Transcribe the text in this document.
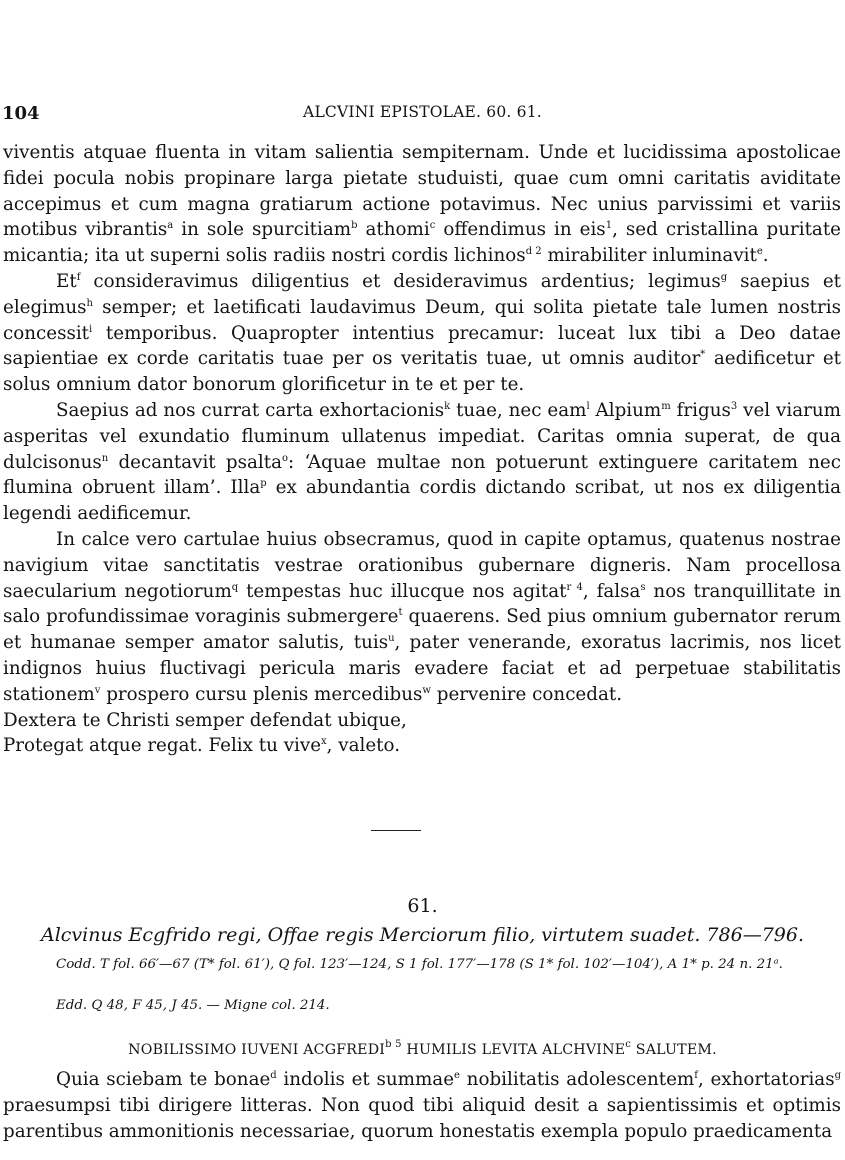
104	ALCVINI EPISTOLAE. 60. 61.

viventis atquae fluenta in vitam salientia sempiternam. Unde et lucidissima apostolicae fidei pocula nobis propinare larga pietate studuisti, quae cum omni caritatis aviditate accepimus et cum magna gratiarum actione potavimus. Nec unius parvissimi et variis motibus vibrantis$^a$ in sole spurcitiam$^b$ athomi$^c$ offendimus in eis$^1$, sed cristallina puritate micantia; ita ut superni solis radiis nostri cordis lichinos$^{d 2}$ mirabiliter inluminavit$^e$.

Et$^f$ consideravimus diligentius et desideravimus ardentius; legimus$^g$ saepius et elegimus$^h$ semper; et laetificati laudavimus Deum, qui solita pietate tale lumen nostris concessit$^i$ temporibus. Quapropter intentius precamur: luceat lux tibi a Deo datae sapientiae ex corde caritatis tuae per os veritatis tuae, ut omnis auditor* aedificetur et solus omnium dator bonorum glorificetur in te et per te.

Saepius ad nos currat carta exhortacionis$^k$ tuae, nec eam$^l$ Alpium$^m$ frigus$^3$ vel viarum asperitas vel exundatio fluminum ullatenus impediat. Caritas omnia superat, de qua dulcisonus$^n$ decantavit psalta$^o$: ‘Aquae multae non potuerunt extinguere caritatem nec flumina obruent illam’. Illa$^p$ ex abundantia cordis dictando scribat, ut nos ex diligentia legendi aedificemur.

In calce vero cartulae huius obsecramus, quod in capite optamus, quatenus nostrae navigium vitae sanctitatis vestrae orationibus gubernare digneris. Nam procellosa saecularium negotiorum$^q$ tempestas huc illucque nos agitat$^{r 4}$, falsa$^s$ nos tranquillitate in salo profundissimae voraginis submergere$^t$ quaerens. Sed pius omnium gubernator rerum et humanae semper amator salutis, tuis$^u$, pater venerande, exoratus lacrimis, nos licet indignos huius fluctivagi pericula maris evadere faciat et ad perpetuae stabilitatis stationem$^v$ prospero cursu plenis mercedibus$^w$ pervenire concedat.

Dextera te Christi semper defendat ubique,

Protegat atque regat. Felix tu vive$^x$, valeto.

61.
Alcvinus Ecgfrido regi, Offae regis Merciorum filio, virtutem suadet. 786—796.
Codd. T fol. 66′—67 (T* fol. 61′), Q fol. 123′—124, S 1 fol. 177′—178 (S 1* fol. 102′—104′), A 1* p. 24 n. 21ᵃ.
Edd. Q 48, F 45, J 45. — Migne col. 214.
NOBILISSIMO IUVENI $ACGFREDI^{b 5}$ HUMILIS LEVITA ALCHVINE$^c$ SALUTEM.

Quia sciebam te bonae$^d$ indolis et summae$^e$ nobilitatis adolescentem$^f$, exhortatorias$^g$ praesumpsi tibi dirigere litteras. Non quod tibi aliquid desit a sapientissimis et optimis parentibus ammonitionis necessariae, quorum honestatis exempla populo praedicamenta
